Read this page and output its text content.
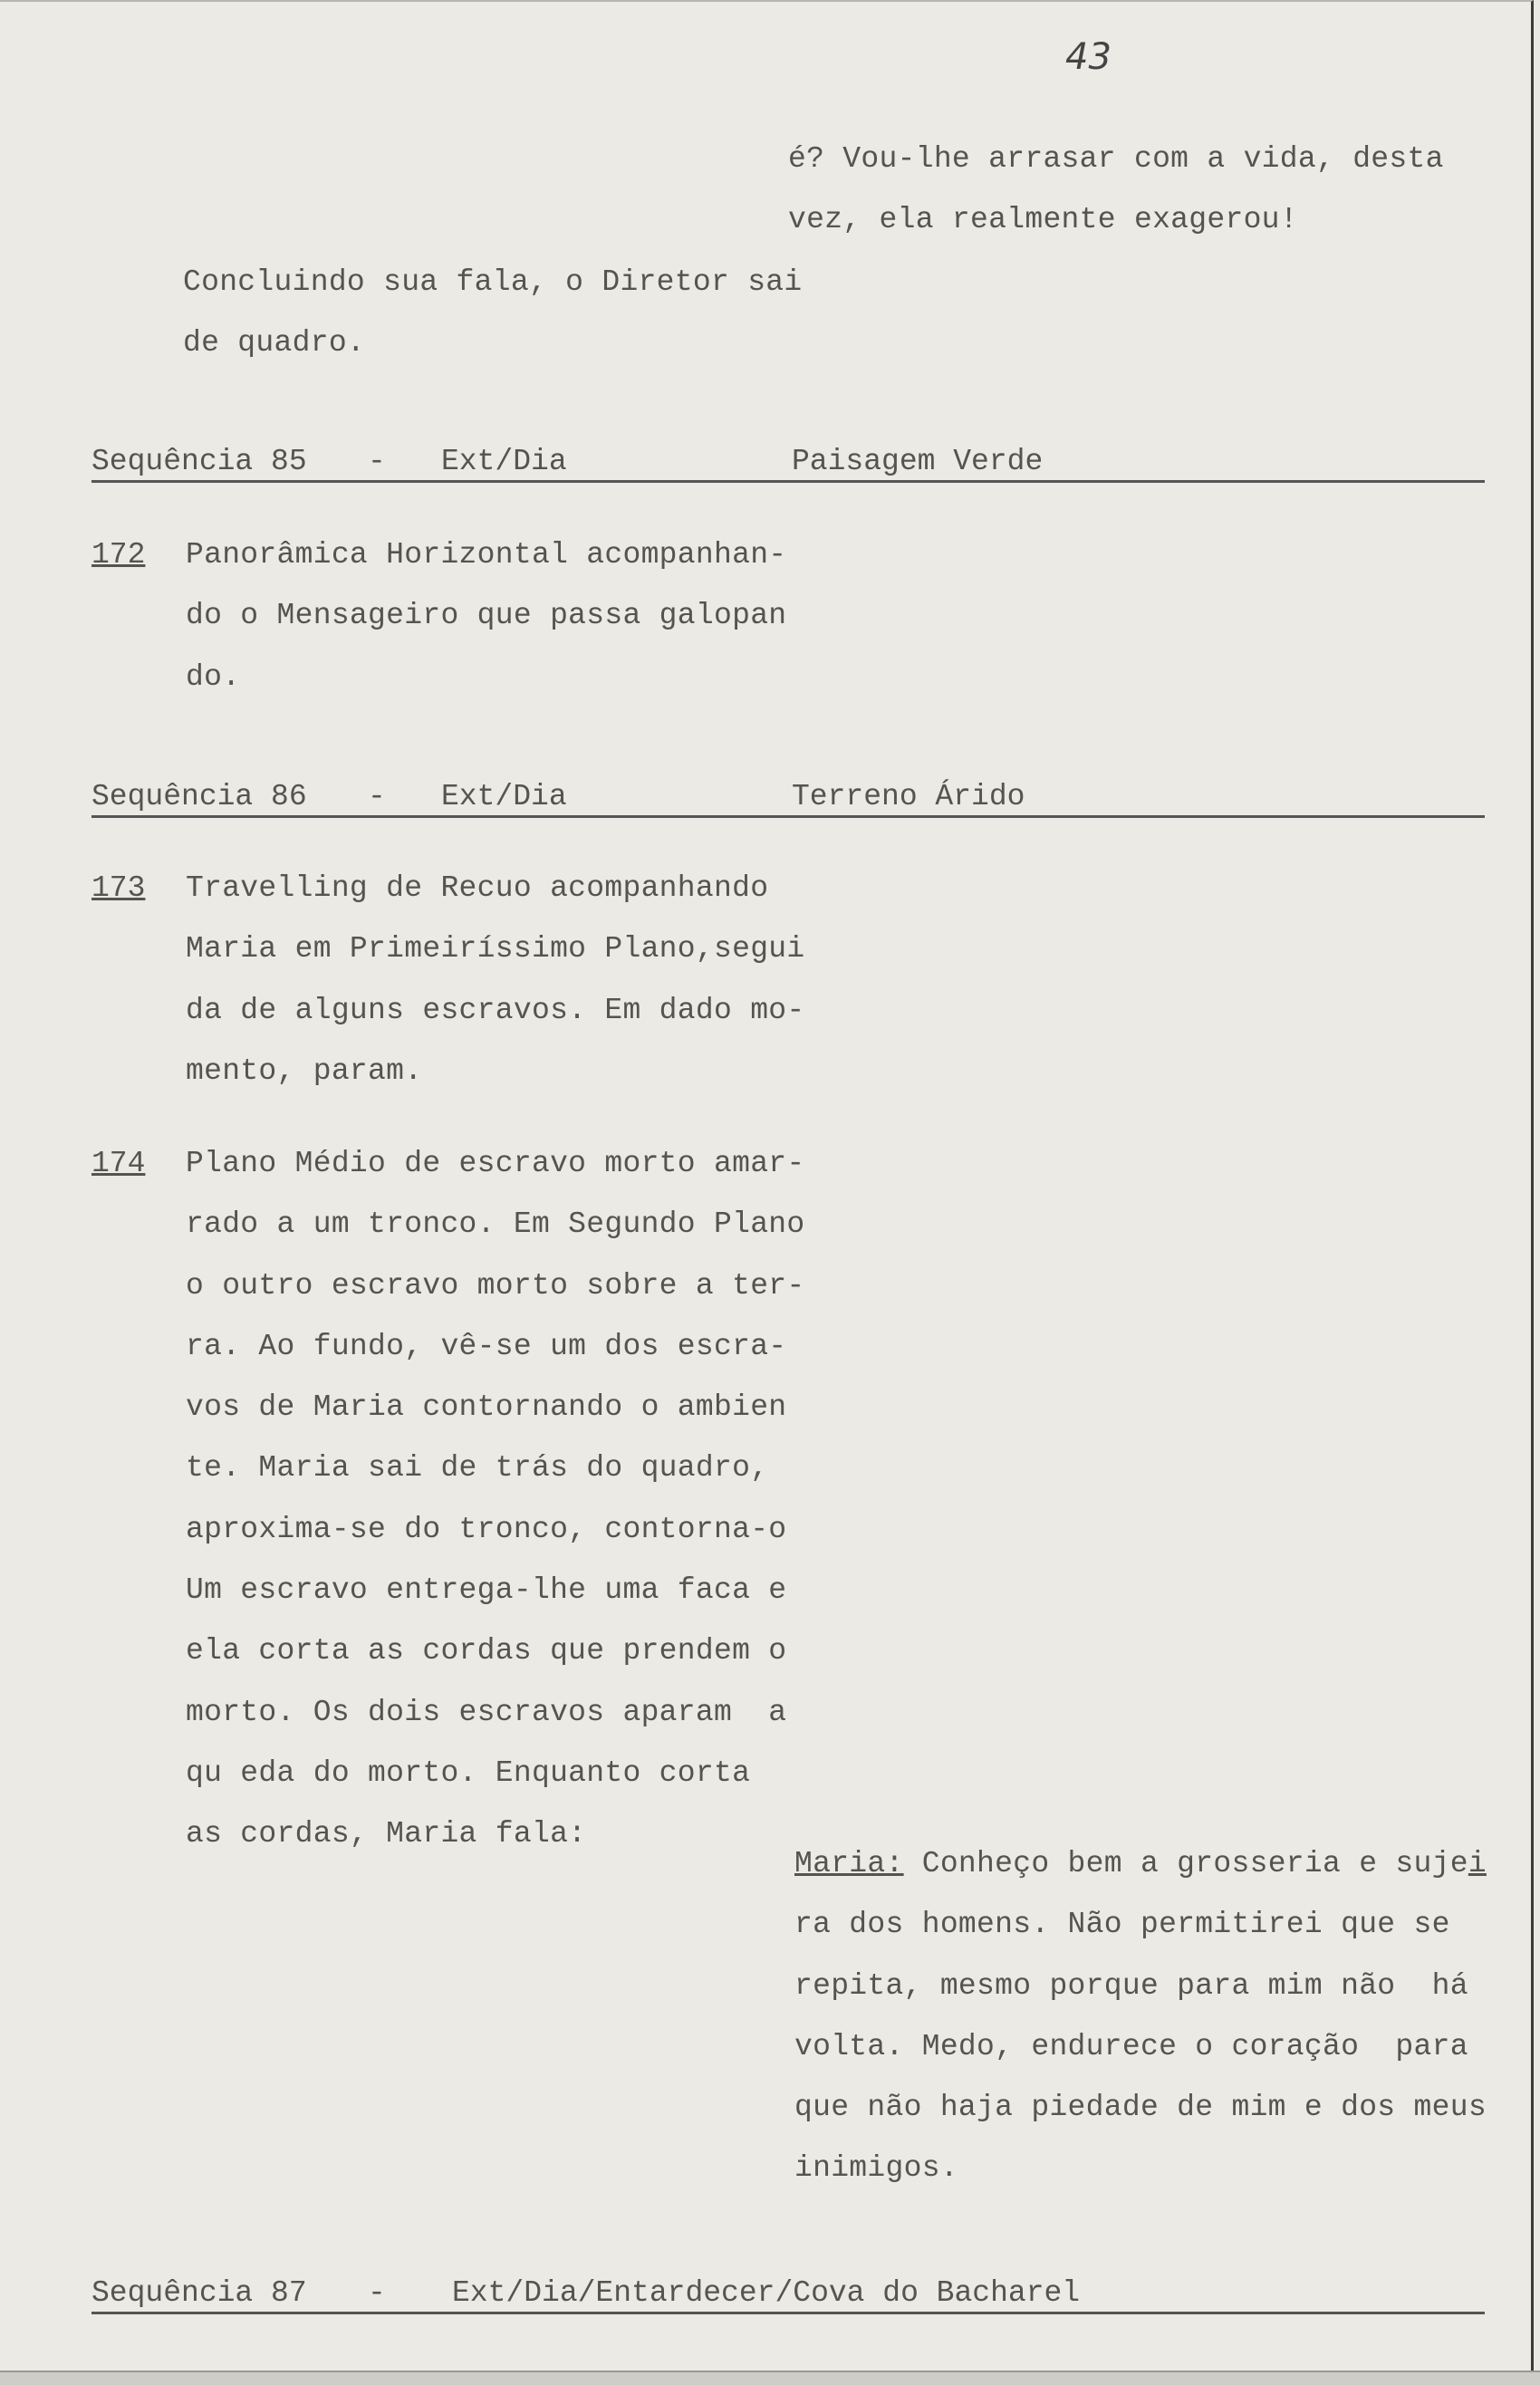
43
é? Vou-lhe arrasar com a vida, desta
vez, ela realmente exagerou!
Concluindo sua fala, o Diretor sai
de quadro.
Sequência 85 - Ext/Dia	Paisagem Verde
172 Panorâmica Horizontal acompanhan-
do o Mensageiro que passa galopan
do.
Sequência 86 - Ext/Dia	Terreno Árido
173 Travelling de Recuo acompanhando
Maria em Primeiríssimo Plano,segui
da de alguns escravos. Em dado mo-
mento, param.
174 Plano Médio de escravo morto amar-
rado a um tronco. Em Segundo Plano
o outro escravo morto sobre a ter-
ra. Ao fundo, vê-se um dos escra-
vos de Maria contornando o ambien
te. Maria sai de trás do quadro,
aproxima-se do tronco, contorna-o
Um escravo entrega-lhe uma faca e
ela corta as cordas que prendem o
morto. Os dois escravos aparam  a
qu eda do morto. Enquanto corta
as cordas, Maria fala:
Maria: Conheço bem a grosseria e sujei
ra dos homens. Não permitirei que se
repita, mesmo porque para mim não  há
volta. Medo, endurece o coração  para
que não haja piedade de mim e dos meus
inimigos.
Sequência 87 - Ext/Dia/Entardecer/Cova do Bacharel
